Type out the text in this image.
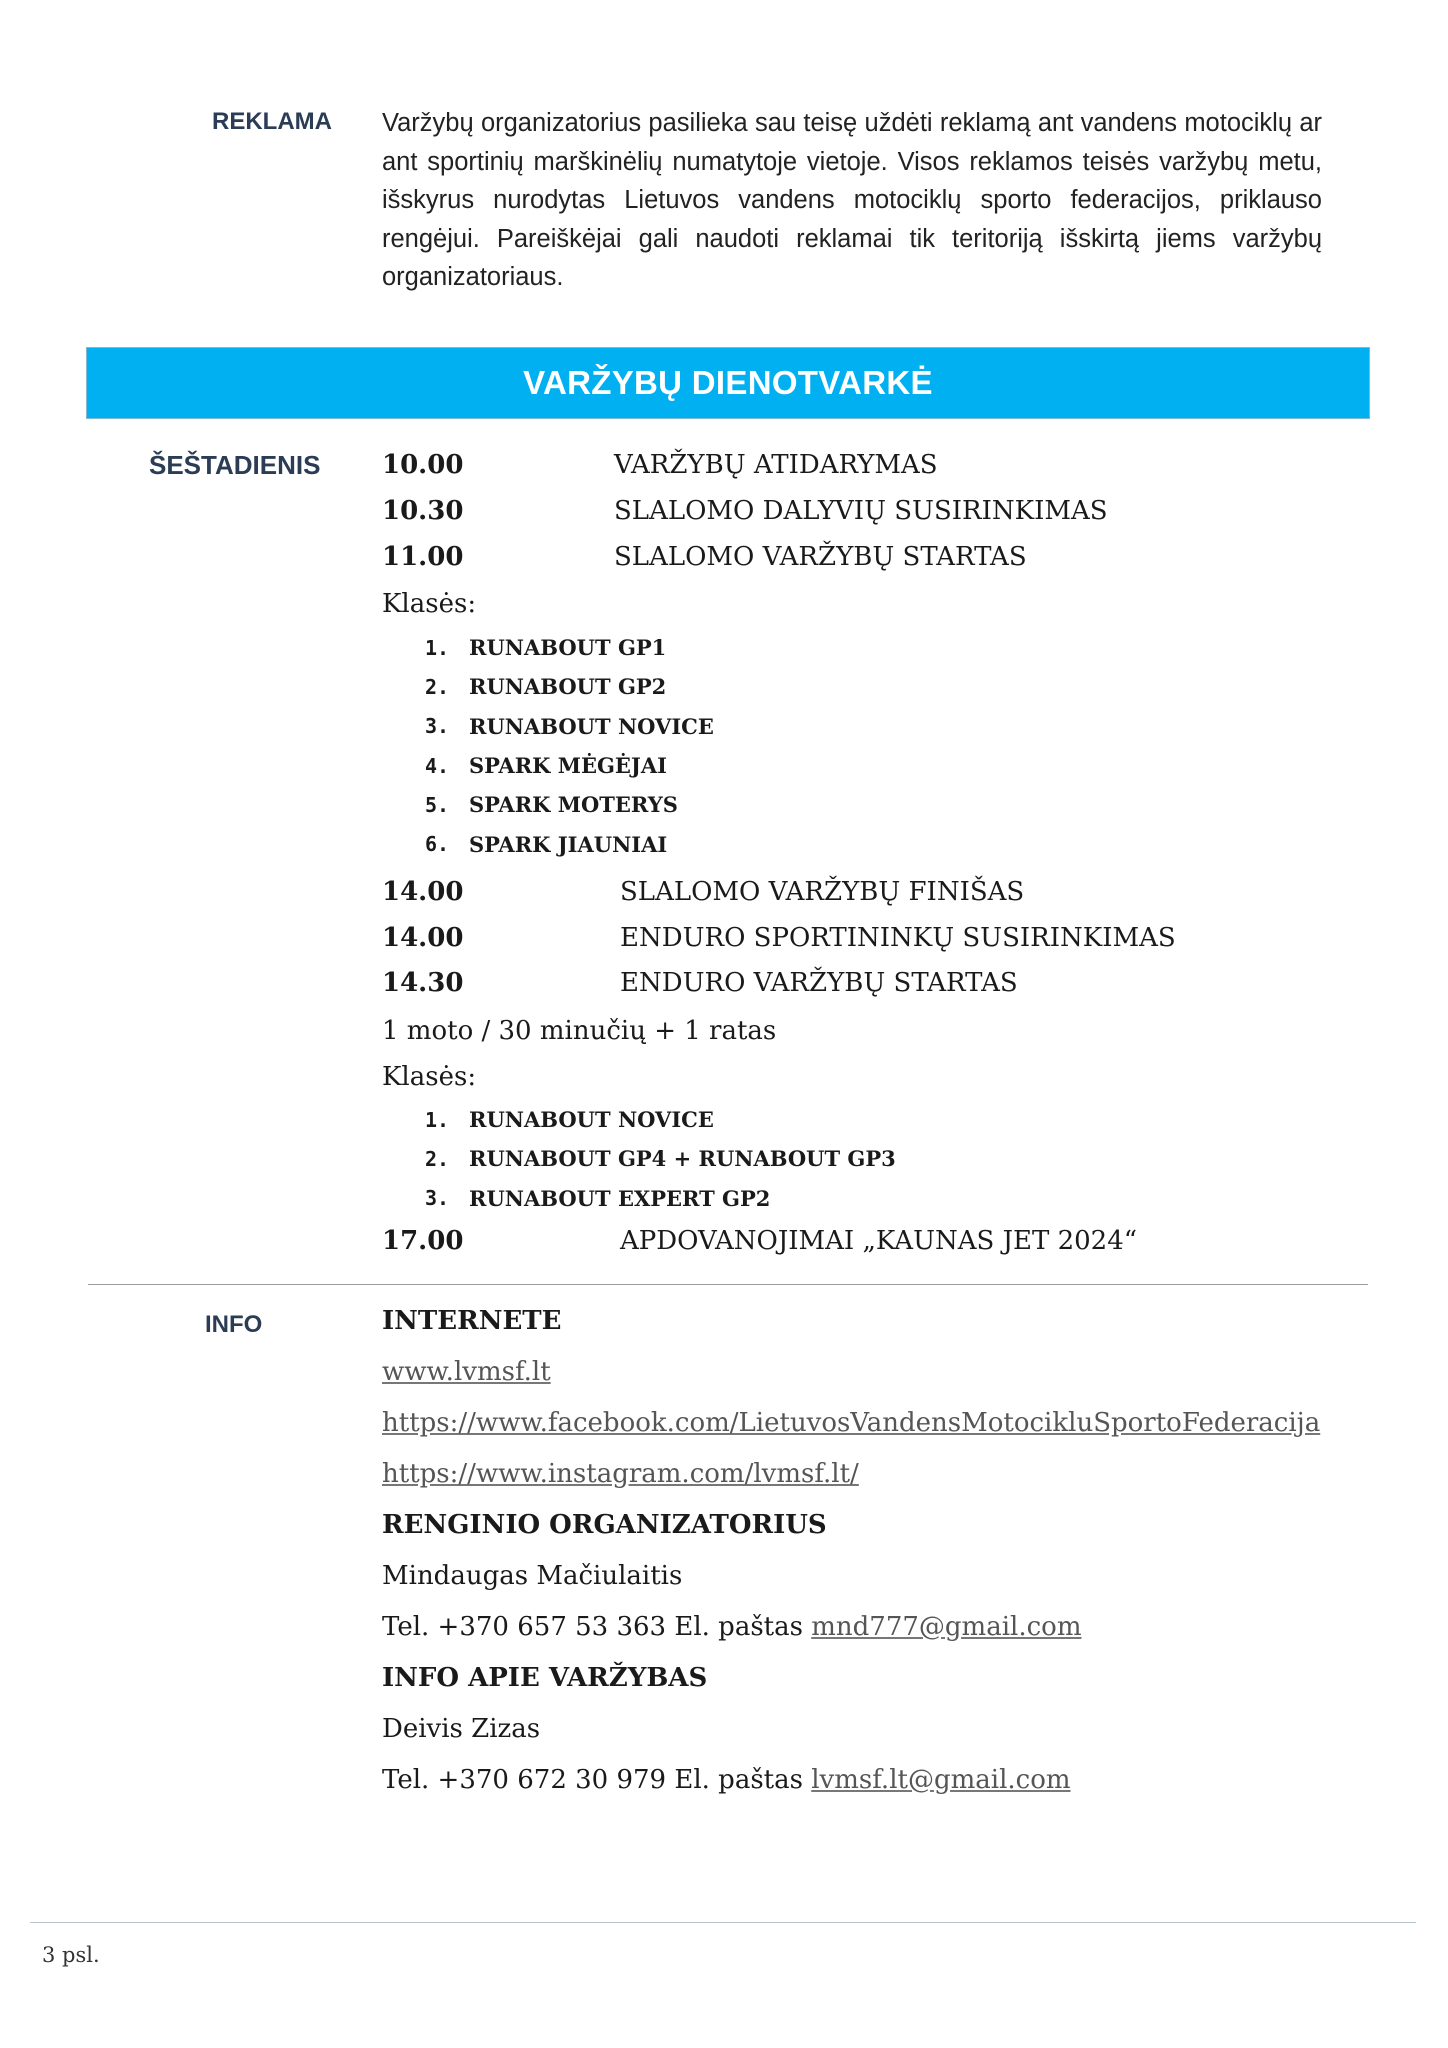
REKLAMA Varžybų organizatorius pasilieka sau teisę uždėti reklamą ant vandens motociklų ar ant sportinių marškinėlių numatytoje vietoje. Visos reklamos teisės varžybų metu, išskyrus nurodytas Lietuvos vandens motociklų sporto federacijos, priklauso rengėjui. Pareiškėjai gali naudoti reklamai tik teritoriją išskirtą jiems varžybų organizatoriaus.
VARŽYBŲ DIENOTVARKĖ
ŠEŠTADIENIS 10.00	VARŽYBŲ ATIDARYMAS
10.30	SLALOMO DALYVIŲ SUSIRINKIMAS
11.00	SLALOMO VARŽYBŲ STARTAS
Klasės:
1. RUNABOUT GP1
2. RUNABOUT GP2
3. RUNABOUT NOVICE
4. SPARK MĖGĖJAI
5. SPARK MOTERYS
6. SPARK JIAUNIAI
14.00	SLALOMO VARŽYBŲ FINIŠAS
14.00	ENDURO SPORTININKŲ SUSIRINKIMAS
14.30	ENDURO VARŽYBŲ STARTAS
1 moto / 30 minučių + 1 ratas
Klasės:
1. RUNABOUT NOVICE
2. RUNABOUT GP4 + RUNABOUT GP3
3. RUNABOUT EXPERT GP2
17.00	APDOVANOJIMAI „KAUNAS JET 2024“
INFO	INTERNETE
www.lvmsf.lt
https://www.facebook.com/LietuvosVandensMotocikluSportoFederacija
https://www.instagram.com/lvmsf.lt/
RENGINIO ORGANIZATORIUS
Mindaugas Mačiulaitis
Tel. +370 657 53 363 El. paštas mnd777@gmail.com
INFO APIE VARŽYBAS
Deivis Zizas
Tel. +370 672 30 979 El. paštas lvmsf.lt@gmail.com
3 psl.
